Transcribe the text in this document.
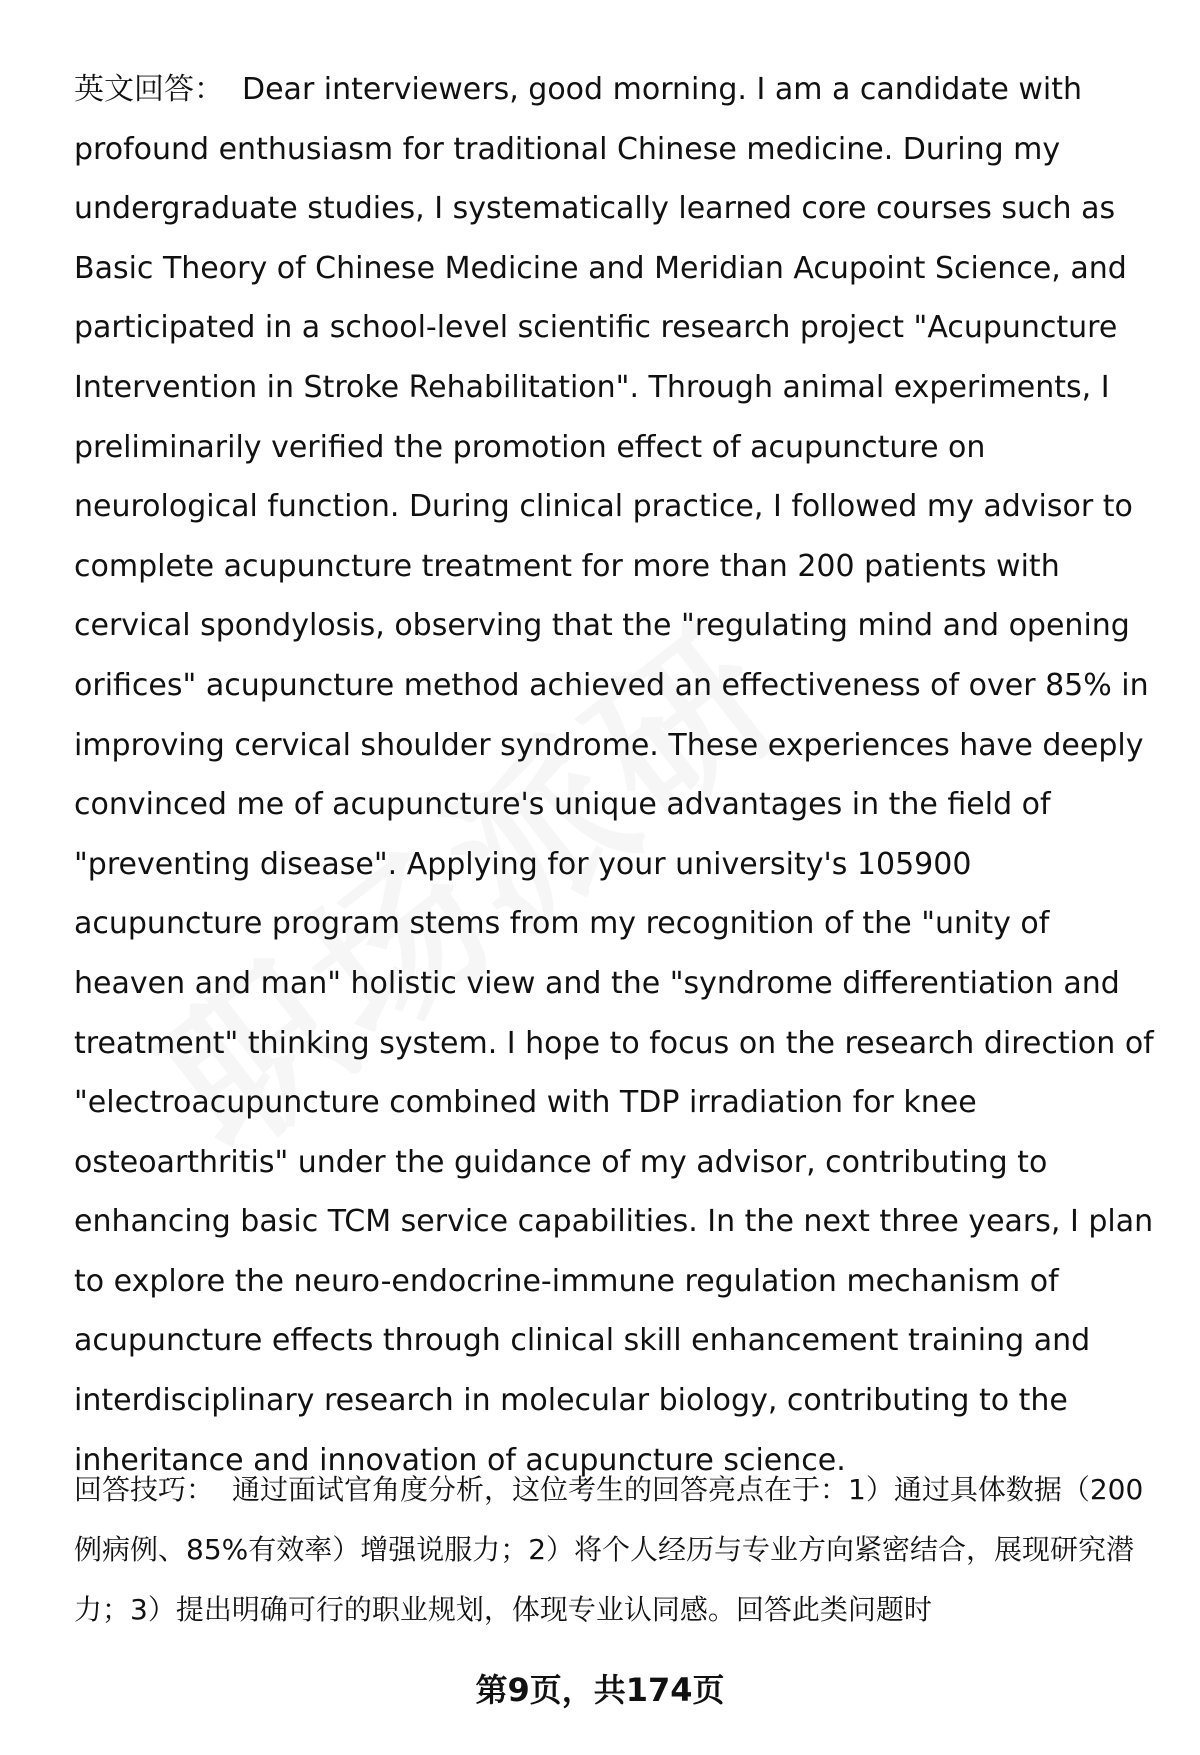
英文回答： Dear interviewers, good morning. I am a candidate with profound enthusiasm for traditional Chinese medicine. During my undergraduate studies, I systematically learned core courses such as Basic Theory of Chinese Medicine and Meridian Acupoint Science, and participated in a school-level scientific research project "Acupuncture Intervention in Stroke Rehabilitation". Through animal experiments, I preliminarily verified the promotion effect of acupuncture on neurological function. During clinical practice, I followed my advisor to complete acupuncture treatment for more than 200 patients with cervical spondylosis, observing that the "regulating mind and opening orifices" acupuncture method achieved an effectiveness of over 85% in improving cervical shoulder syndrome. These experiences have deeply convinced me of acupuncture's unique advantages in the field of "preventing disease". Applying for your university's 105900 acupuncture program stems from my recognition of the "unity of heaven and man" holistic view and the "syndrome differentiation and treatment" thinking system. I hope to focus on the research direction of "electroacupuncture combined with TDP irradiation for knee osteoarthritis" under the guidance of my advisor, contributing to enhancing basic TCM service capabilities. In the next three years, I plan to explore the neuro-endocrine-immune regulation mechanism of acupuncture effects through clinical skill enhancement training and interdisciplinary research in molecular biology, contributing to the inheritance and innovation of acupuncture science.

回答技巧： 通过面试官角度分析，这位考生的回答亮点在于：1）通过具体数据（200例病例、85%有效率）增强说服力；2）将个人经历与专业方向紧密结合，展现研究潜力；3）提出明确可行的职业规划，体现专业认同感。回答此类问题时

第9页，共174页
